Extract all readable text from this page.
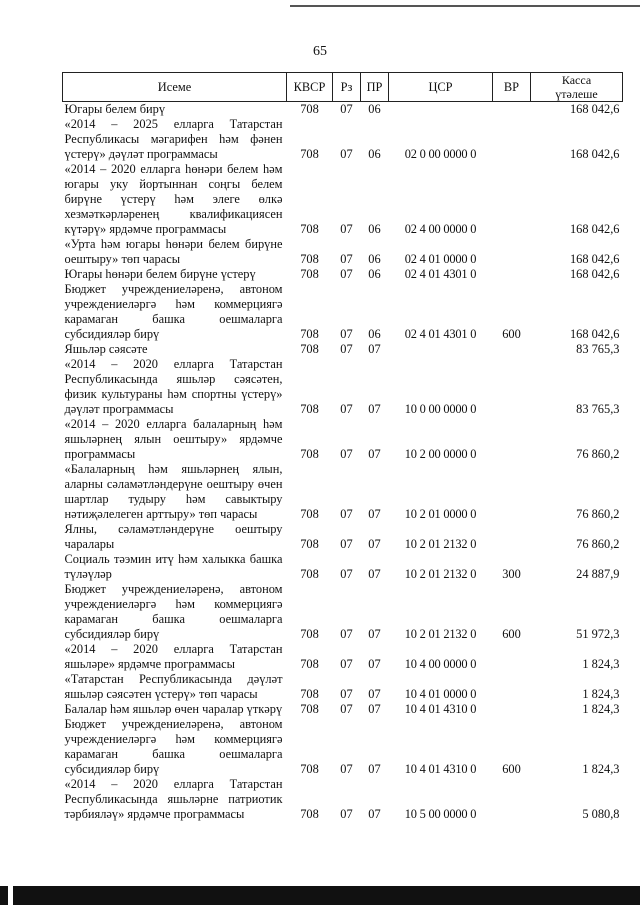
65
Исеме	КВСР	Рз	ПР	ЦСР	ВР	Касса
үтәлеше

Югары белем бирү	708	07	06			168 042,6
«2014 – 2025 елларга Татарстан Республикасы мәгарифен һәм фәнен үстерү» дәүләт программасы	708	07	06	02 0 00 0000 0		168 042,6
«2014 – 2020 елларга һөнәри белем һәм югары уку йортыннан соңгы белем бирүне үстерү һәм элеге өлкә хезмәткәрләренең квалификациясен күтәрү» ярдәмче программасы	708	07	06	02 4 00 0000 0		168 042,6
«Урта һәм югары һөнәри белем бирүне оештыру» төп чарасы	708	07	06	02 4 01 0000 0		168 042,6
Югары һөнәри белем бирүне үстерү	708	07	06	02 4 01 4301 0		168 042,6
Бюджет учреждениеләренә, автоном учреждениеләргә һәм коммерциягә карамаган башка оешмаларга субсидияләр бирү	708	07	06	02 4 01 4301 0	600	168 042,6
Яшьләр сәясәте	708	07	07			83 765,3
«2014 – 2020 елларга Татарстан Республикасында яшьләр сәясәтен, физик культураны һәм спортны үстерү» дәүләт программасы	708	07	07	10 0 00 0000 0		83 765,3
«2014 – 2020 елларга балаларның һәм яшьләрнең ялын оештыру» ярдәмче программасы	708	07	07	10 2 00 0000 0		76 860,2
«Балаларның һәм яшьләрнең ялын, аларны сәламәтләндерүне оештыру өчен шартлар тудыру һәм савыктыру нәтиҗәлелеген арттыру» төп чарасы	708	07	07	10 2 01 0000 0		76 860,2
Ялны, сәламәтләндерүне оештыру чаралары	708	07	07	10 2 01 2132 0		76 860,2
Социаль тәэмин итү һәм халыкка башка түләүләр	708	07	07	10 2 01 2132 0	300	24 887,9
Бюджет учреждениеләренә, автоном учреждениеләргә һәм коммерциягә карамаган башка оешмаларга субсидияләр бирү	708	07	07	10 2 01 2132 0	600	51 972,3
«2014 – 2020 елларга Татарстан яшьләре» ярдәмче программасы	708	07	07	10 4 00 0000 0		1 824,3
«Татарстан Республикасында дәүләт яшьләр сәясәтен үстерү» төп чарасы	708	07	07	10 4 01 0000 0		1 824,3
Балалар һәм яшьләр өчен чаралар үткәрү	708	07	07	10 4 01 4310 0		1 824,3
Бюджет учреждениеләренә, автоном учреждениеләргә һәм коммерциягә карамаган башка оешмаларга субсидияләр бирү	708	07	07	10 4 01 4310 0	600	1 824,3
«2014 – 2020 елларга Татарстан Республикасында яшьләрне патриотик тәрбияләү» ярдәмче программасы	708	07	07	10 5 00 0000 0		5 080,8
